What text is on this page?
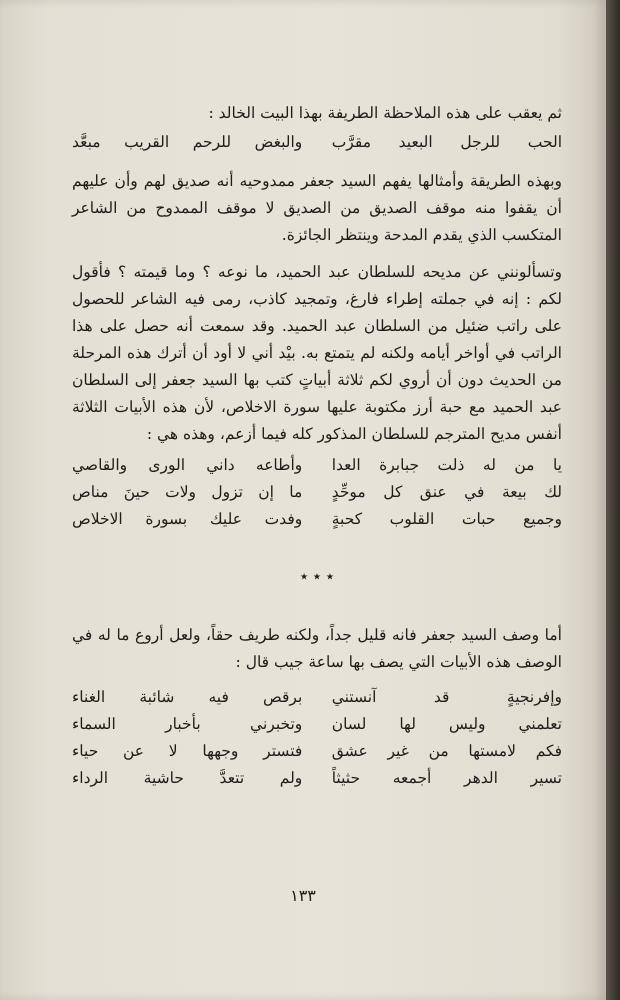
ثم يعقب على هذه الملاحظة الطريفة بهذا البيت الخالد :

الحب للرجل البعيد مقرَّب
والبغض للرحم القريب مبعَّد

وبهذه الطريقة وأمثالها يفهم السيد جعفر ممدوحيه أنه صديق لهم وأن عليهم أن يقفوا منه موقف الصديق من الصديق لا موقف الممدوح من الشاعر المتكسب الذي يقدم المدحة وينتظر الجائزة.

وتسألونني عن مديحه للسلطان عبد الحميد، ما نوعه ؟ وما قيمته ؟ فأقول لكم : إنه في جملته إطراء فارغ، وتمجيد كاذب، رمى فيه الشاعر للحصول على راتب ضئيل من السلطان عبد الحميد. وقد سمعت أنه حصل على هذا الراتب في أواخر أيامه ولكنه لم يتمتع به. بيْد أني لا أود أن أترك هذه المرحلة من الحديث دون أن أروي لكم ثلاثة أبياتٍ كتب بها السيد جعفر إلى السلطان عبد الحميد مع حبة أرز مكتوبة عليها سورة الاخلاص، لأن هذه الأبيات الثلاثة أنفس مديح المترجم للسلطان المذكور كله فيما أزعم، وهذه هي :

يا من له ذلت جبابرة العدا
وأطاعه داني الورى والقاصي
لك بيعة في عنق كل موحِّدٍ
ما إن تزول ولات حينَ مناص
وجميع حبات القلوب كحبةٍ
وفدت عليك بسورة الاخلاص
٭ ٭ ٭

أما وصف السيد جعفر فانه قليل جداً، ولكنه طريف حقاً، ولعل أروع ما له في الوصف هذه الأبيات التي يصف بها ساعة جيب قال :

وإفرنجيةٍ قد آنستني
برقص فيه شائبة الغناء
تعلمني وليس لها لسان
وتخبرني بأخبار السماء
فكم لامستها من غير عشق
فتستر وجهها لا عن حياء
تسير الدهر أجمعه حثيثاً
ولم تتعدَّ حاشية الرداء
١٣٣
